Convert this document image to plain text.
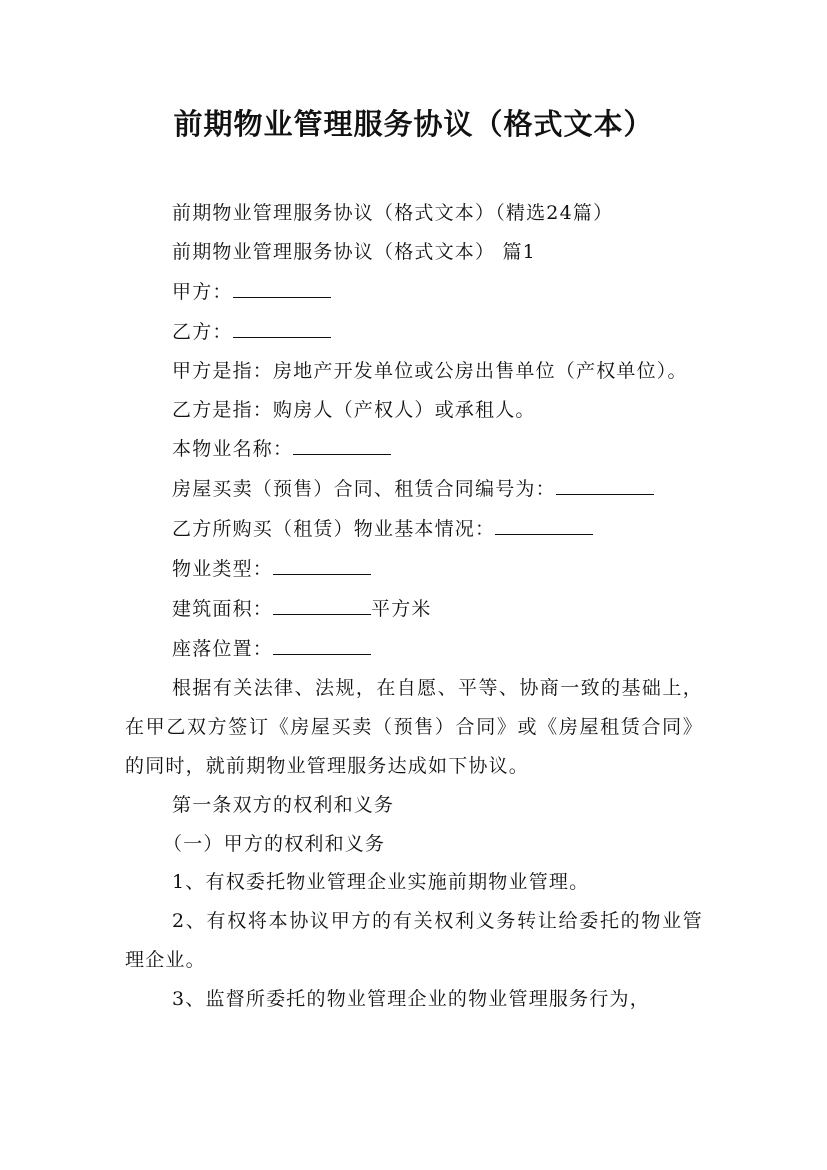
前期物业管理服务协议（格式文本）

前期物业管理服务协议（格式文本）（精选24篇）

前期物业管理服务协议（格式文本） 篇1

甲方：

乙方：

甲方是指：房地产开发单位或公房出售单位（产权单位）。

乙方是指：购房人（产权人）或承租人。

本物业名称：

房屋买卖（预售）合同、租赁合同编号为：

乙方所购买（租赁）物业基本情况：

物业类型：

建筑面积：	平方米

座落位置：

根据有关法律、法规，在自愿、平等、协商一致的基础上，在甲乙双方签订《房屋买卖（预售）合同》或《房屋租赁合同》的同时，就前期物业管理服务达成如下协议。

第一条双方的权利和义务

（一）甲方的权利和义务

1、有权委托物业管理企业实施前期物业管理。

2、有权将本协议甲方的有关权利义务转让给委托的物业管理企业。

3、监督所委托的物业管理企业的物业管理服务行为，
